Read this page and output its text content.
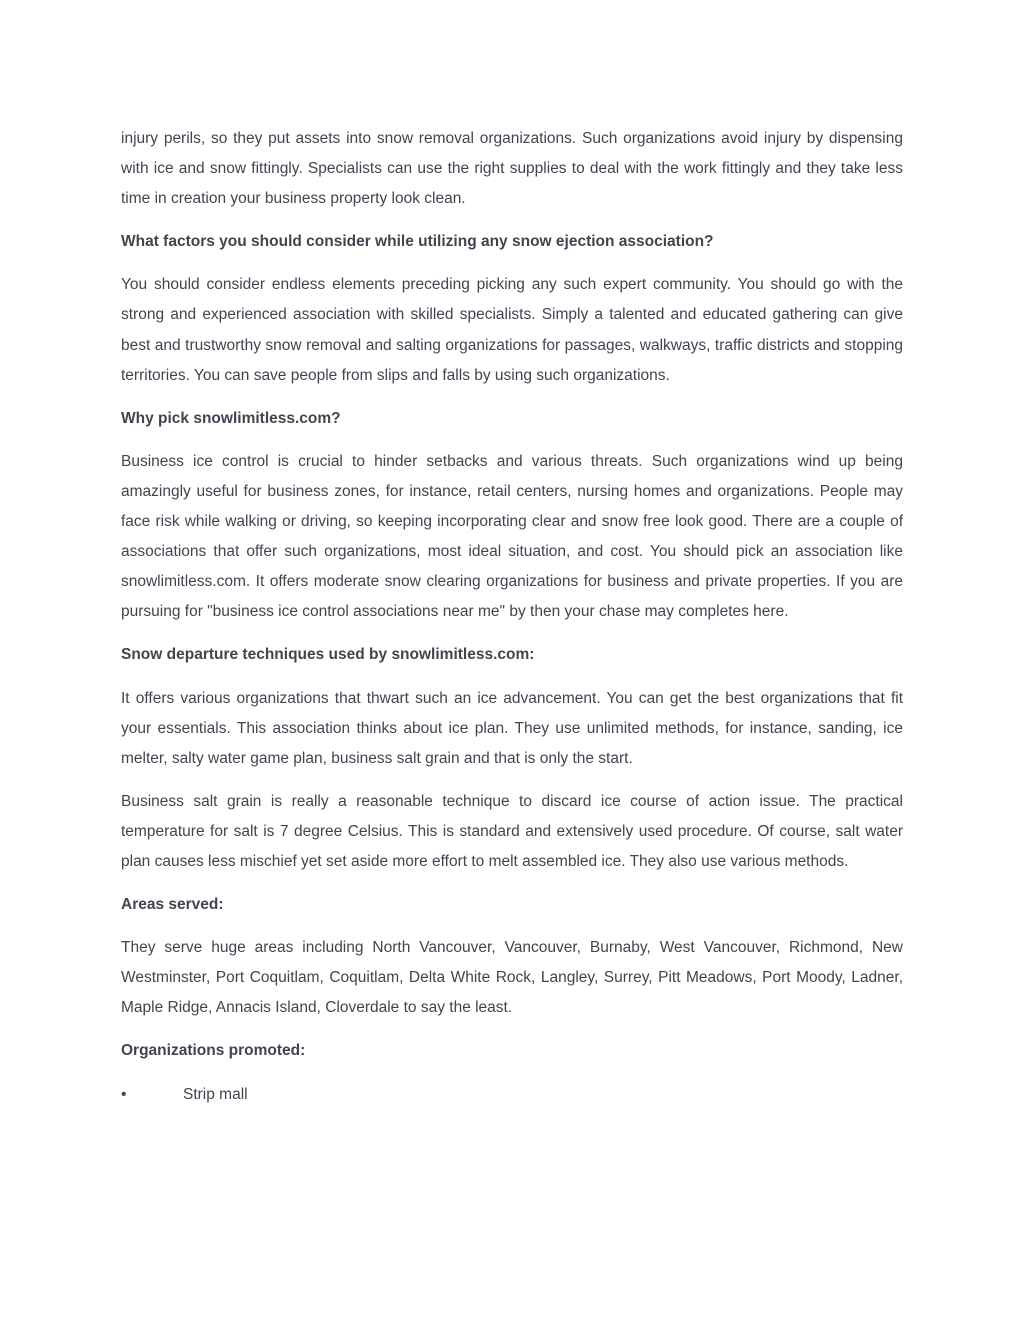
injury perils, so they put assets into snow removal organizations. Such organizations avoid injury by dispensing with ice and snow fittingly. Specialists can use the right supplies to deal with the work fittingly and they take less time in creation your business property look clean.

What factors you should consider while utilizing any snow ejection association?

You should consider endless elements preceding picking any such expert community. You should go with the strong and experienced association with skilled specialists. Simply a talented and educated gathering can give best and trustworthy snow removal and salting organizations for passages, walkways, traffic districts and stopping territories. You can save people from slips and falls by using such organizations.

Why pick snowlimitless.com?

Business ice control is crucial to hinder setbacks and various threats. Such organizations wind up being amazingly useful for business zones, for instance, retail centers, nursing homes and organizations. People may face risk while walking or driving, so keeping incorporating clear and snow free look good. There are a couple of associations that offer such organizations, most ideal situation, and cost. You should pick an association like snowlimitless.com. It offers moderate snow clearing organizations for business and private properties. If you are pursuing for "business ice control associations near me" by then your chase may completes here.

Snow departure techniques used by snowlimitless.com:

It offers various organizations that thwart such an ice advancement. You can get the best organizations that fit your essentials. This association thinks about ice plan. They use unlimited methods, for instance, sanding, ice melter, salty water game plan, business salt grain and that is only the start.

Business salt grain is really a reasonable technique to discard ice course of action issue. The practical temperature for salt is 7 degree Celsius. This is standard and extensively used procedure. Of course, salt water plan causes less mischief yet set aside more effort to melt assembled ice. They also use various methods.

Areas served:

They serve huge areas including North Vancouver, Vancouver, Burnaby, West Vancouver, Richmond, New Westminster, Port Coquitlam, Coquitlam, Delta White Rock, Langley, Surrey, Pitt Meadows, Port Moody, Ladner, Maple Ridge, Annacis Island, Cloverdale to say the least.

Organizations promoted:

•	Strip mall
